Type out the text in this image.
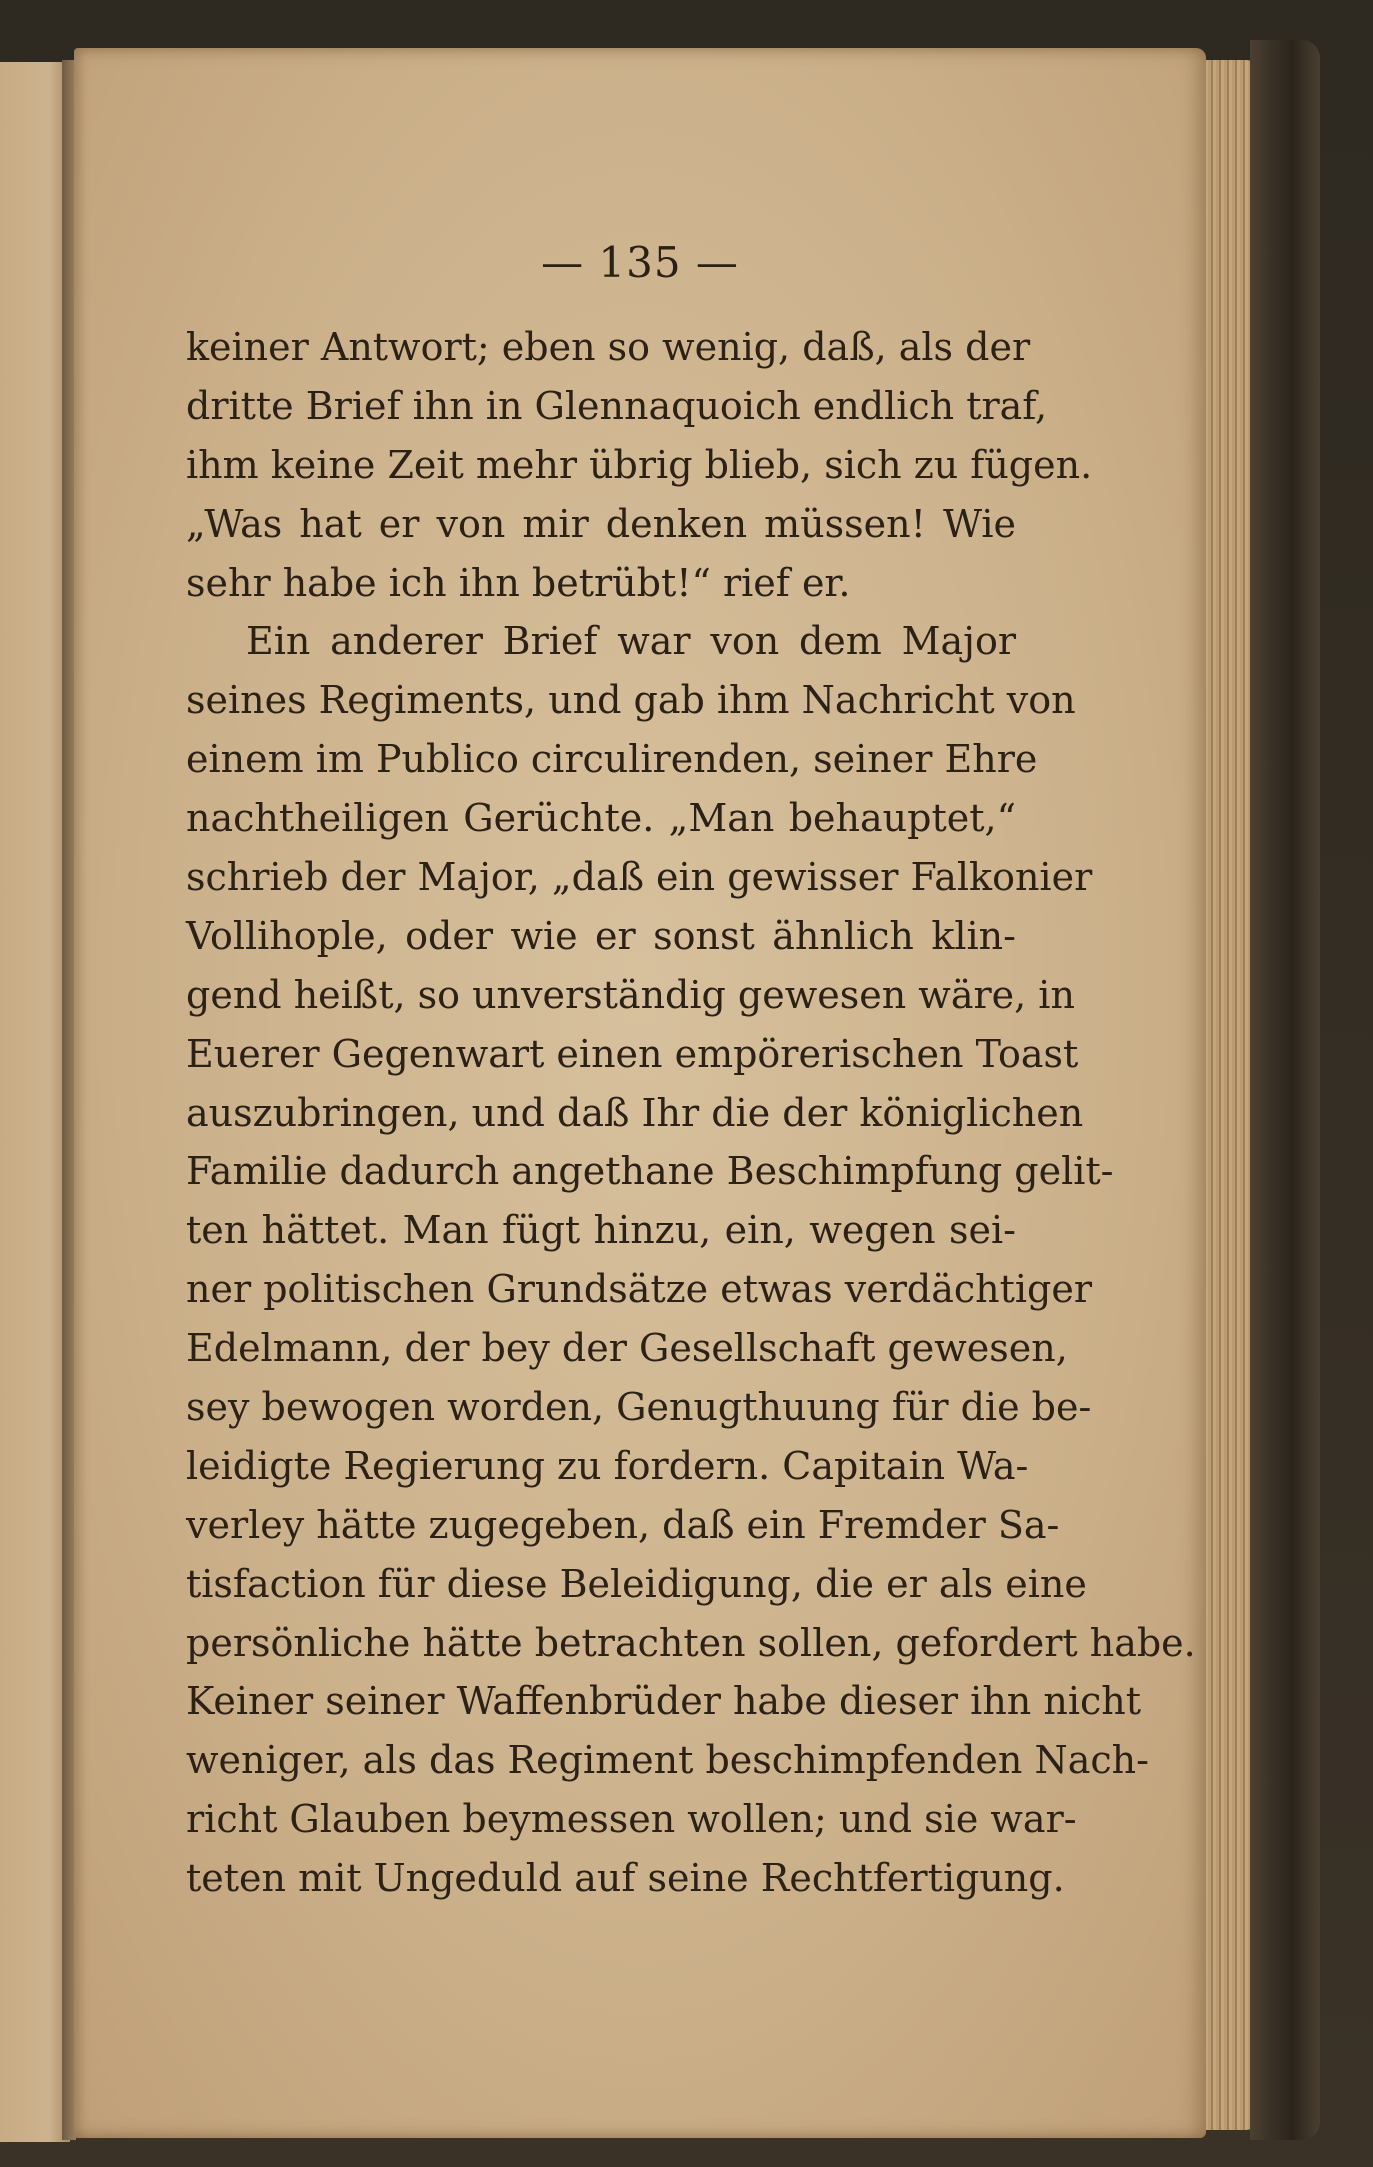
— 135 —
keiner Antwort; eben so wenig, daß, als der
dritte Brief ihn in Glennaquoich endlich traf,
ihm keine Zeit mehr übrig blieb, sich zu fügen.
„Was hat er von mir denken müssen! Wie
sehr habe ich ihn betrübt!“ rief er.
Ein anderer Brief war von dem Major
seines Regiments, und gab ihm Nachricht von
einem im Publico circulirenden, seiner Ehre
nachtheiligen Gerüchte. „Man behauptet,“
schrieb der Major, „daß ein gewisser Falkonier
Vollihople, oder wie er sonst ähnlich klin-
gend heißt, so unverständig gewesen wäre, in
Euerer Gegenwart einen empörerischen Toast
auszubringen, und daß Ihr die der königlichen
Familie dadurch angethane Beschimpfung gelit-
ten hättet. Man fügt hinzu, ein, wegen sei-
ner politischen Grundsätze etwas verdächtiger
Edelmann, der bey der Gesellschaft gewesen,
sey bewogen worden, Genugthuung für die be-
leidigte Regierung zu fordern. Capitain Wa-
verley hätte zugegeben, daß ein Fremder Sa-
tisfaction für diese Beleidigung, die er als eine
persönliche hätte betrachten sollen, gefordert habe.
Keiner seiner Waffenbrüder habe dieser ihn nicht
weniger, als das Regiment beschimpfenden Nach-
richt Glauben beymessen wollen; und sie war-
teten mit Ungeduld auf seine Rechtfertigung.
